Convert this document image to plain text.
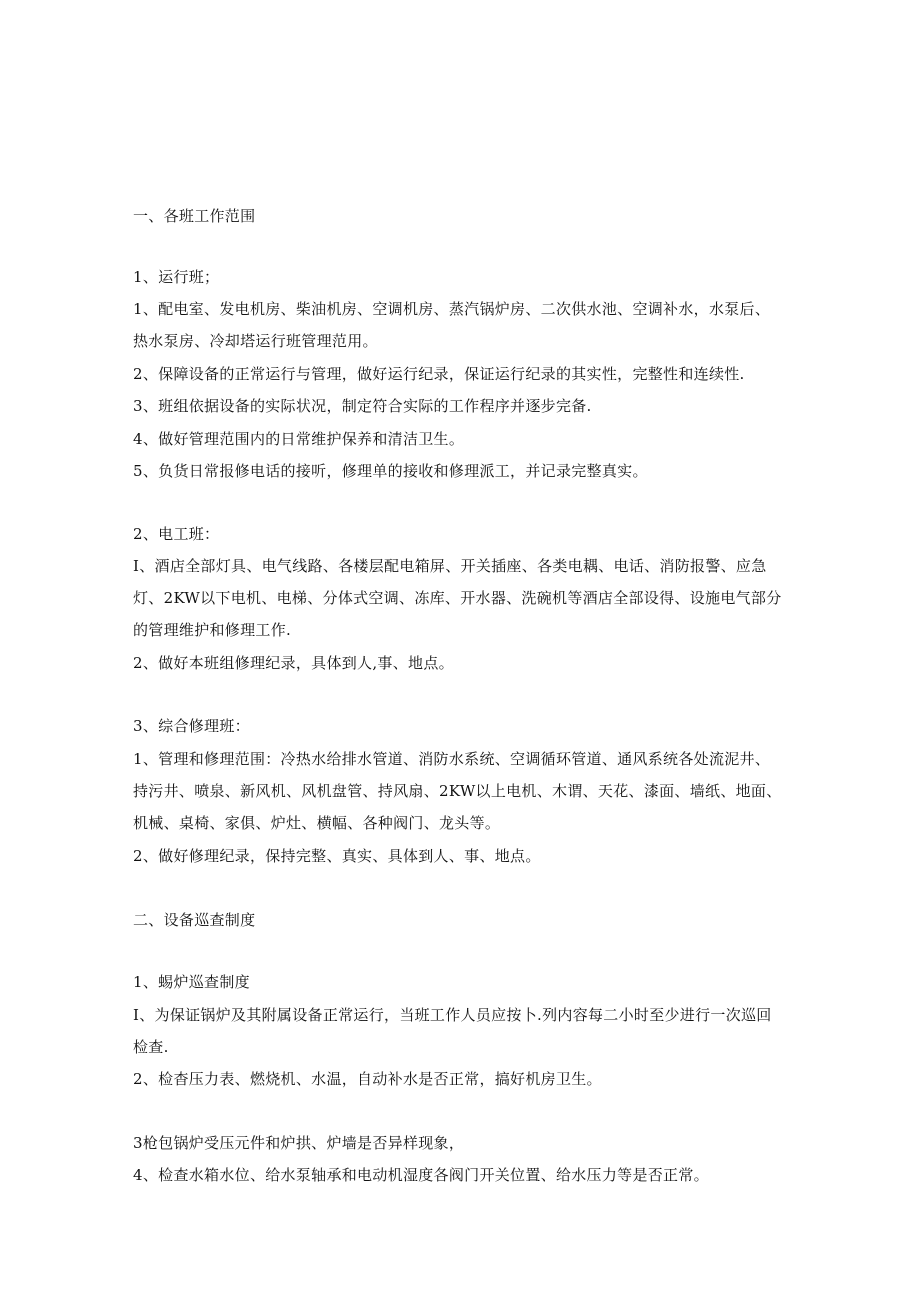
一、各班工作范围
1、运行班；
1、配电室、发电机房、柴油机房、空调机房、蒸汽锅炉房、二次供水池、空调补水，水泵后、
热水泵房、冷却塔运行班管理范用。
2、保障设备的正常运行与管理，做好运行纪录，保证运行纪录的其实性，完整性和连续性.
3、班组依据设备的实际状况，制定符合实际的工作程序并逐步完备.
4、做好管理范围内的日常维护保养和清洁卫生。
5、负货日常报修电话的接听，修理单的接收和修理派工，并记录完整真实。
2、电工班：
I、酒店全部灯具、电气线路、各楼层配电箱屏、开关插座、各类电耦、电话、消防报警、应急
灯、2KW以下电机、电梯、分体式空调、冻库、开水器、洗碗机等酒店全部设得、设施电气部分
的管理维护和修理工作.
2、做好本班组修理纪录，具体到人,事、地点。
3、综合修理班：
1、管理和修理范围：冷热水给排水管道、消防水系统、空调循环管道、通风系统各处流泥井、
持污井、喷泉、新风机、风机盘管、持风扇、2KW以上电机、木谓、天花、漆面、墙纸、地面、
机械、桌椅、家俱、炉灶、横幅、各种阀门、龙头等。
2、做好修理纪录，保持完整、真实、具体到人、事、地点。
二、设备巡查制度
1、蜴炉巡查制度
I、为保证锅炉及其附属设备正常运行，当班工作人员应按卜.列内容每二小时至少进行一次巡回
检查.
2、检杳压力表、燃烧机、水温，自动补水是否正常，搞好机房卫生。
3枪包锅炉受压元件和炉拱、炉墙是否异样现象，
4、检查水箱水位、给水泵轴承和电动机湿度各阀门开关位置、给水压力等是否正常。
